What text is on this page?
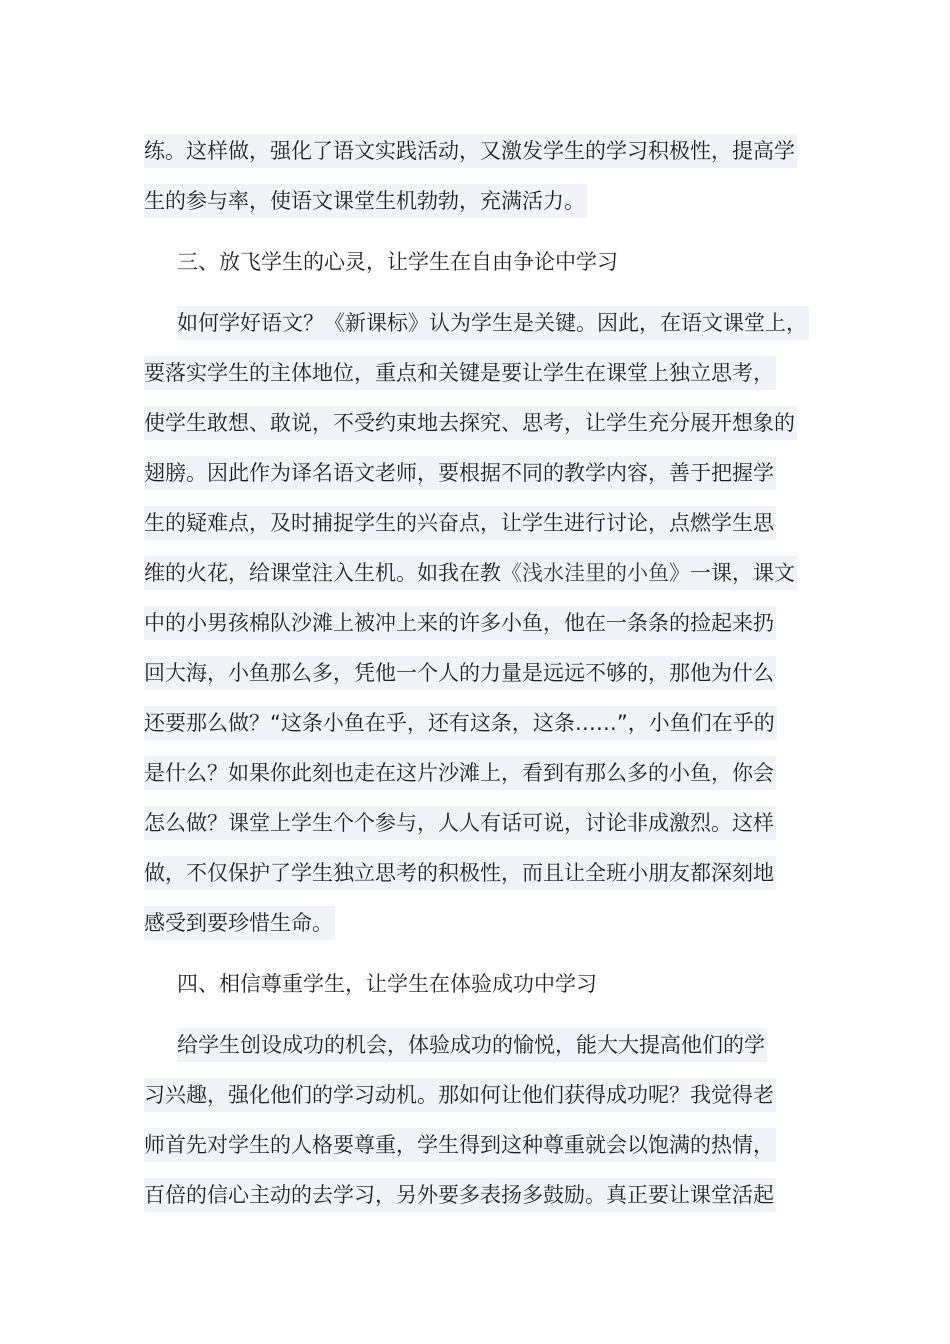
练。这样做，强化了语文实践活动，又激发学生的学习积极性，提高学
生的参与率，使语文课堂生机勃勃，充满活力。
三、放飞学生的心灵，让学生在自由争论中学习
如何学好语文？《新课标》认为学生是关键。因此，在语文课堂上，
要落实学生的主体地位，重点和关键是要让学生在课堂上独立思考，
使学生敢想、敢说，不受约束地去探究、思考，让学生充分展开想象的
翅膀。因此作为译名语文老师，要根据不同的教学内容，善于把握学
生的疑难点，及时捕捉学生的兴奋点，让学生进行讨论，点燃学生思
维的火花，给课堂注入生机。如我在教《浅水洼里的小鱼》一课，课文
中的小男孩棉队沙滩上被冲上来的许多小鱼，他在一条条的捡起来扔
回大海，小鱼那么多，凭他一个人的力量是远远不够的，那他为什么
还要那么做？“这条小鱼在乎，还有这条，这条……”，小鱼们在乎的
是什么？如果你此刻也走在这片沙滩上，看到有那么多的小鱼，你会
怎么做？课堂上学生个个参与，人人有话可说，讨论非成激烈。这样
做，不仅保护了学生独立思考的积极性，而且让全班小朋友都深刻地
感受到要珍惜生命。
四、相信尊重学生，让学生在体验成功中学习
给学生创设成功的机会，体验成功的愉悦，能大大提高他们的学
习兴趣，强化他们的学习动机。那如何让他们获得成功呢？我觉得老
师首先对学生的人格要尊重，学生得到这种尊重就会以饱满的热情，
百倍的信心主动的去学习，另外要多表扬多鼓励。真正要让课堂活起
